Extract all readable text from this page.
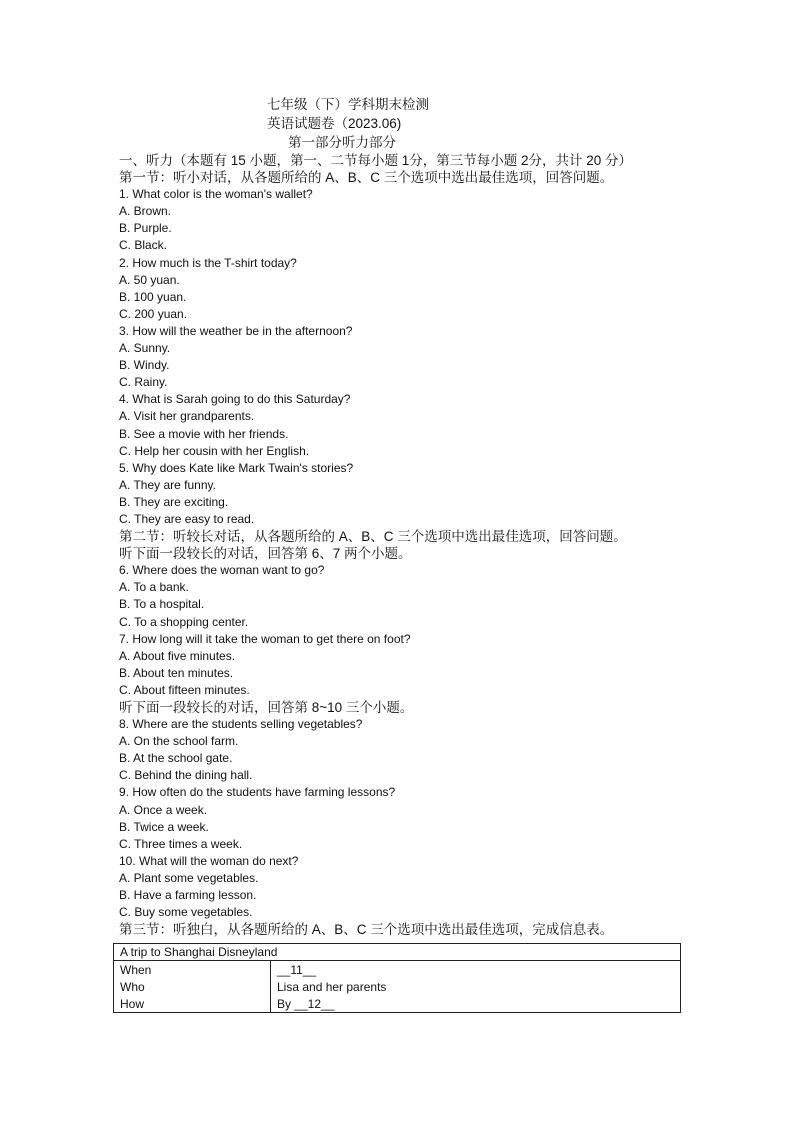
七年级（下）学科期末检测
英语试题卷（2023.06)
第一部分听力部分
一、听力（本题有 15 小题，第一、二节每小题 1分，第三节每小题 2分，共计 20 分）
第一节：听小对话，从各题所给的 A、B、C 三个选项中选出最佳选项，回答问题。
1. What color is the woman's wallet?
A. Brown.
B. Purple.
C. Black.
2. How much is the T-shirt today?
A. 50 yuan.
B. 100 yuan.
C. 200 yuan.
3. How will the weather be in the afternoon?
A. Sunny.
B. Windy.
C. Rainy.
4. What is Sarah going to do this Saturday?
A. Visit her grandparents.
B. See a movie with her friends.
C. Help her cousin with her English.
5. Why does Kate like Mark Twain's stories?
A. They are funny.
B. They are exciting.
C. They are easy to read.
第二节：听较长对话，从各题所给的 A、B、C 三个选项中选出最佳选项，回答问题。
听下面一段较长的对话，回答第 6、7 两个小题。
6. Where does the woman want to go?
A. To a bank.
B. To a hospital.
C. To a shopping center.
7. How long will it take the woman to get there on foot?
A. About five minutes.
B. About ten minutes.
C. About fifteen minutes.
听下面一段较长的对话，回答第 8~10 三个小题。
8. Where are the students selling vegetables?
A. On the school farm.
B. At the school gate.
C. Behind the dining hall.
9. How often do the students have farming lessons?
A. Once a week.
B. Twice a week.
C. Three times a week.
10. What will the woman do next?
A. Plant some vegetables.
B. Have a farming lesson.
C. Buy some vegetables.
第三节：听独白，从各题所给的 A、B、C 三个选项中选出最佳选项，完成信息表。
A trip to Shanghai Disneyland	
When	__11__
Who	Lisa and her parents
How	By __12__
